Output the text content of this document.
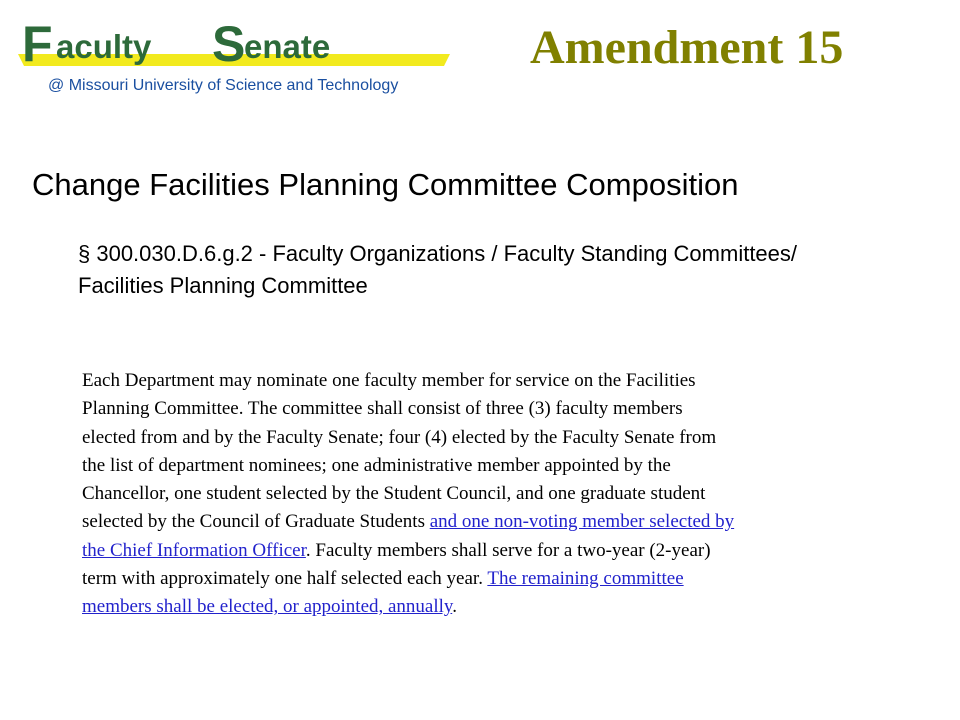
F aculty S
enate
@ Missouri University of Science and Technology
Amendment 15
Change Facilities Planning Committee Composition

§ 300.030.D.6.g.2 - Faculty Organizations / Faculty Standing Committees/
Facilities Planning Committee

Each Department may nominate one faculty member for service on the Facilities
Planning Committee. The committee shall consist of three (3) faculty members
elected from and by the Faculty Senate; four (4) elected by the Faculty Senate from
the list of department nominees; one administrative member appointed by the
Chancellor, one student selected by the Student Council, and one graduate student
selected by the Council of Graduate Students and one non-voting member selected by
the Chief Information Officer. Faculty members shall serve for a two-year (2-year)
term with approximately one half selected each year. The remaining committee
members shall be elected, or appointed, annually.
